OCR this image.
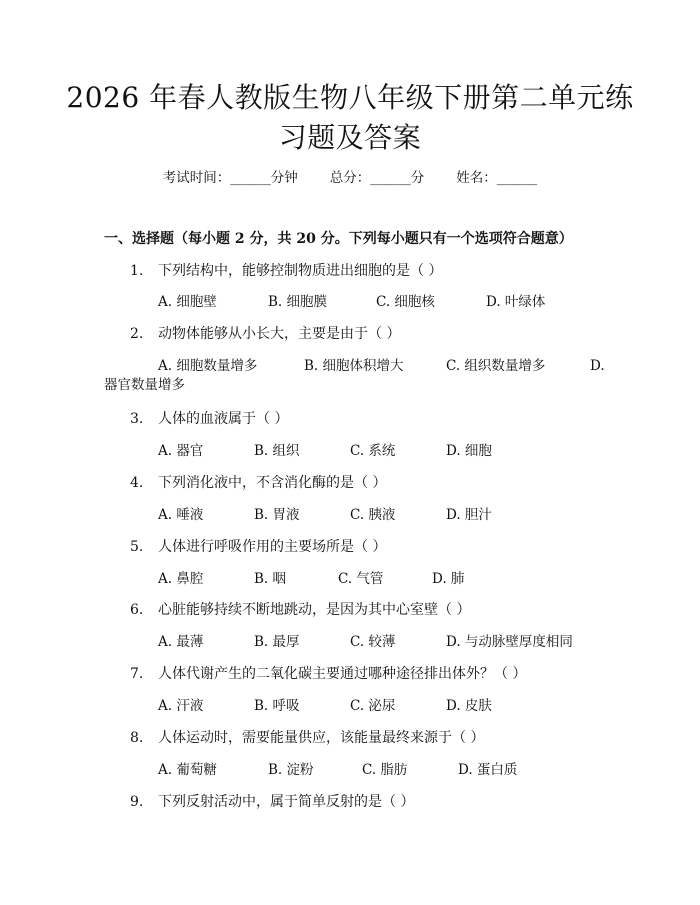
2026 年春人教版生物八年级下册第二单元练
习题及答案
考试时间：______分钟 总分：______分 姓名：______
一、选择题（每小题 2 分，共 20 分。下列每小题只有一个选项符合题意）
1. 下列结构中，能够控制物质进出细胞的是（ ）
A. 细胞壁	B. 细胞膜	C. 细胞核	D. 叶绿体
2. 动物体能够从小长大，主要是由于（ ）
A. 细胞数量增多	B. 细胞体积增大	C. 组织数量增多	D.
器官数量增多
3. 人体的血液属于（ ）
A. 器官	B. 组织	C. 系统	D. 细胞
4. 下列消化液中，不含消化酶的是（ ）
A. 唾液	B. 胃液	C. 胰液	D. 胆汁
5. 人体进行呼吸作用的主要场所是（ ）
A. 鼻腔	B. 咽	C. 气管	D. 肺
6. 心脏能够持续不断地跳动，是因为其中心室壁（ ）
A. 最薄	B. 最厚	C. 较薄	D. 与动脉壁厚度相同
7. 人体代谢产生的二氧化碳主要通过哪种途径排出体外？（ ）
A. 汗液	B. 呼吸	C. 泌尿	D. 皮肤
8. 人体运动时，需要能量供应，该能量最终来源于（ ）
A. 葡萄糖	B. 淀粉	C. 脂肪	D. 蛋白质
9. 下列反射活动中，属于简单反射的是（ ）
